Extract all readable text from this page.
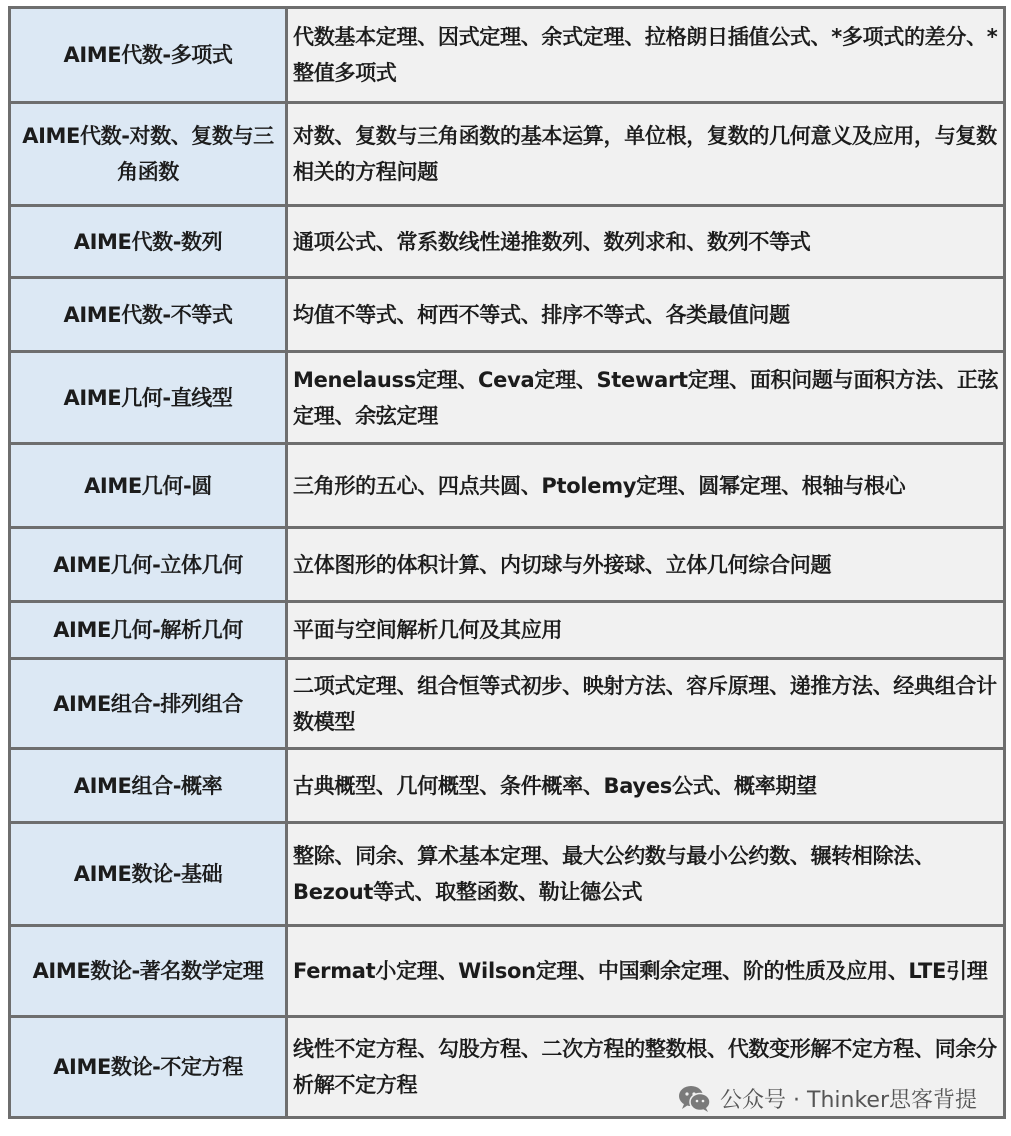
AIME代数-多项式	代数基本定理、因式定理、余式定理、拉格朗日插值公式、*多项式的差分、*整值多项式
AIME代数-对数、复数与三角函数	对数、复数与三角函数的基本运算，单位根，复数的几何意义及应用，与复数相关的方程问题
AIME代数-数列	通项公式、常系数线性递推数列、数列求和、数列不等式
AIME代数-不等式	均值不等式、柯西不等式、排序不等式、各类最值问题
AIME几何-直线型	Menelauss定理、Ceva定理、Stewart定理、面积问题与面积方法、正弦定理、余弦定理
AIME几何-圆	三角形的五心、四点共圆、Ptolemy定理、圆幂定理、根轴与根心
AIME几何-立体几何	立体图形的体积计算、内切球与外接球、立体几何综合问题
AIME几何-解析几何	平面与空间解析几何及其应用
AIME组合-排列组合	二项式定理、组合恒等式初步、映射方法、容斥原理、递推方法、经典组合计数模型
AIME组合-概率	古典概型、几何概型、条件概率、Bayes公式、概率期望
AIME数论-基础	整除、同余、算术基本定理、最大公约数与最小公约数、辗转相除法、Bezout等式、取整函数、勒让德公式
AIME数论-著名数学定理	Fermat小定理、Wilson定理、中国剩余定理、阶的性质及应用、LTE引理
AIME数论-不定方程	线性不定方程、勾股方程、二次方程的整数根、代数变形解不定方程、同余分析解不定方程
公众号 · Thinker思客背提
